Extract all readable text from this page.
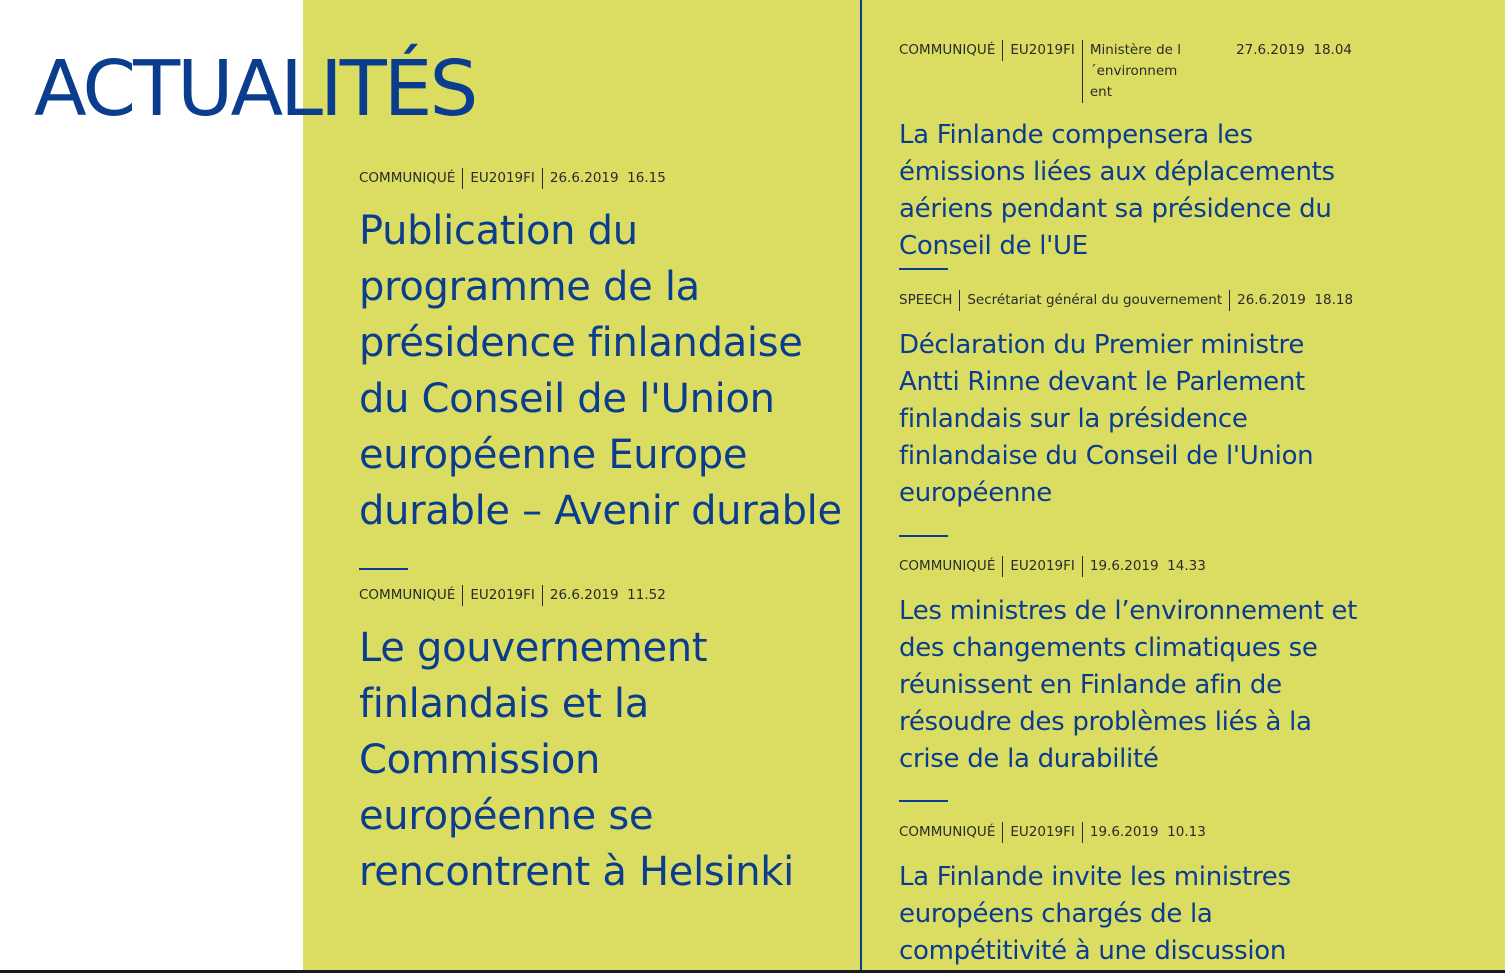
ACTUALITÉS
COMMUNIQUÉ	EU2019FI	26.6.2019  16.15
Publication du programme de la présidence finlandaise du Conseil de l'Union européenne Europe durable – Avenir durable
COMMUNIQUÉ	EU2019FI	26.6.2019  11.52
Le gouvernement finlandais et la Commission européenne se rencontrent à Helsinki
COMMUNIQUÉ	EU2019FI	Ministère de l´environnement
27.6.2019  18.04
La Finlande compensera les émissions liées aux déplacements aériens pendant sa présidence du Conseil de l'UE
SPEECH	Secrétariat général du gouvernement	26.6.2019  18.18
Déclaration du Premier ministre Antti Rinne devant le Parlement finlandais sur la présidence finlandaise du Conseil de l'Union européenne
COMMUNIQUÉ	EU2019FI	19.6.2019  14.33
Les ministres de l’environnement et des changements climatiques se réunissent en Finlande afin de résoudre des problèmes liés à la crise de la durabilité
COMMUNIQUÉ	EU2019FI	19.6.2019  10.13
La Finlande invite les ministres européens chargés de la compétitivité à une discussion
